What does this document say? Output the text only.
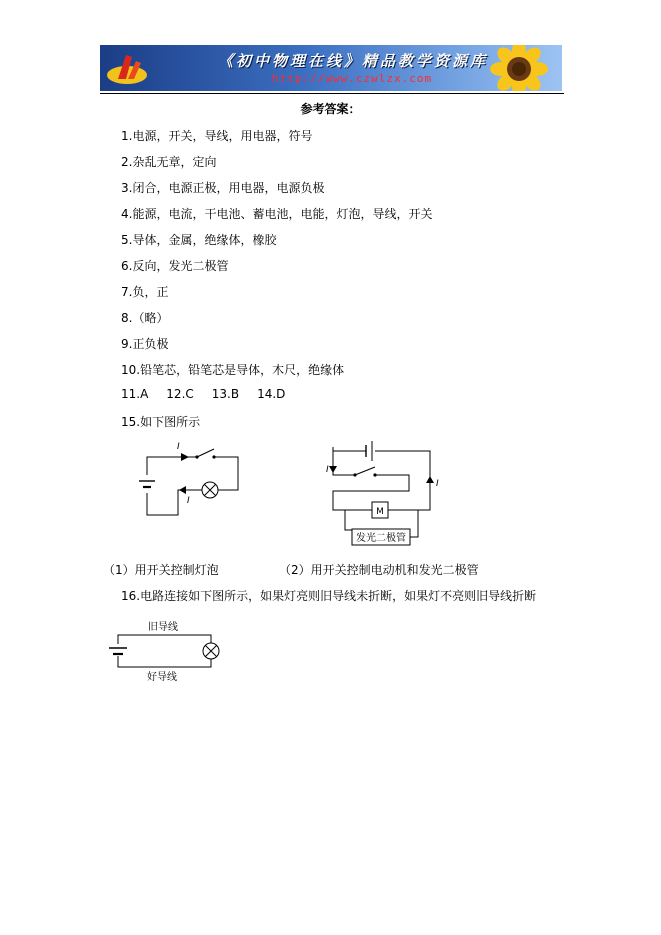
《初中物理在线》精品教学资源库
http://www.czwlzx.com
参考答案：
1.电源，开关，导线，用电器，符号
2.杂乱无章，定向
3.闭合，电源正极，用电器，电源负极
4.能源，电流，干电池、蓄电池，电能，灯泡，导线，开关
5.导体，金属，绝缘体，橡胶
6.反向，发光二极管
7.负，正
8.（略）
9.正负极
10.铅笔芯，铅笔芯是导体，木尺，绝缘体
11.A 12.C 13.B 14.D
15.如下图所示
I
I
I
I
M
发光二极管
旧导线
好导线
（1）用开关控制灯泡	（2）用开关控制电动机和发光二极管
16.电路连接如下图所示，如果灯亮则旧导线未折断，如果灯不亮则旧导线折断
